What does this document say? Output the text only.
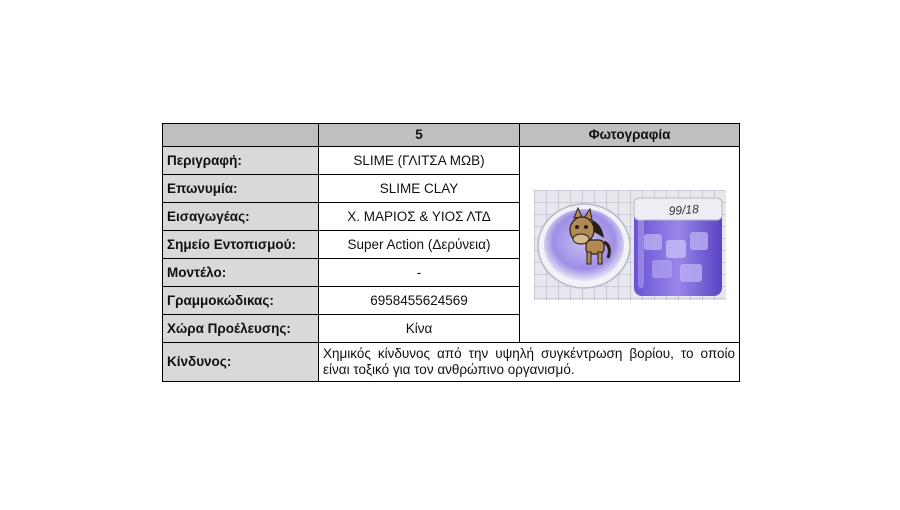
	5	Φωτογραφία
Περιγραφή:	SLIME (ΓΛΙΤΣΑ ΜΩΒ)	99/18

Επωνυμία:	SLIME CLAY	
Εισαγωγέας:	Χ. ΜΑΡΙΟΣ & ΥΙΟΣ ΛΤΔ	
Σημείο Εντοπισμού:	Super Action (Δερύνεια)	
Μοντέλο:	-	
Γραμμοκώδικας:	6958455624569	
Χώρα Προέλευσης:	Κίνα	
Κίνδυνος:	Χημικός κίνδυνος από την υψηλή συγκέντρωση βορίου, το οποίο είναι τοξικό για τον ανθρώπινο οργανισμό.	
